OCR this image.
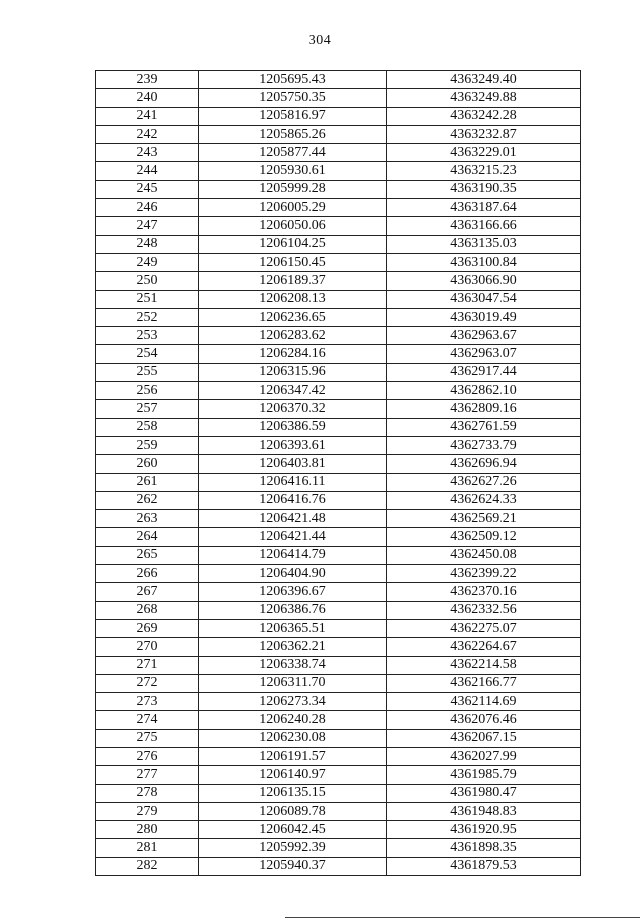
304
239	1205695.43	4363249.40
240	1205750.35	4363249.88
241	1205816.97	4363242.28
242	1205865.26	4363232.87
243	1205877.44	4363229.01
244	1205930.61	4363215.23
245	1205999.28	4363190.35
246	1206005.29	4363187.64
247	1206050.06	4363166.66
248	1206104.25	4363135.03
249	1206150.45	4363100.84
250	1206189.37	4363066.90
251	1206208.13	4363047.54
252	1206236.65	4363019.49
253	1206283.62	4362963.67
254	1206284.16	4362963.07
255	1206315.96	4362917.44
256	1206347.42	4362862.10
257	1206370.32	4362809.16
258	1206386.59	4362761.59
259	1206393.61	4362733.79
260	1206403.81	4362696.94
261	1206416.11	4362627.26
262	1206416.76	4362624.33
263	1206421.48	4362569.21
264	1206421.44	4362509.12
265	1206414.79	4362450.08
266	1206404.90	4362399.22
267	1206396.67	4362370.16
268	1206386.76	4362332.56
269	1206365.51	4362275.07
270	1206362.21	4362264.67
271	1206338.74	4362214.58
272	1206311.70	4362166.77
273	1206273.34	4362114.69
274	1206240.28	4362076.46
275	1206230.08	4362067.15
276	1206191.57	4362027.99
277	1206140.97	4361985.79
278	1206135.15	4361980.47
279	1206089.78	4361948.83
280	1206042.45	4361920.95
281	1205992.39	4361898.35
282	1205940.37	4361879.53
